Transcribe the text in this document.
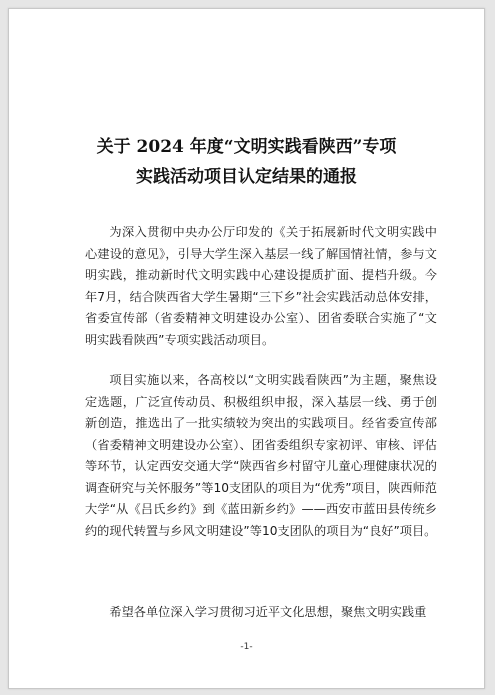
关于 2024 年度“文明实践看陕西”专项
实践活动项目认定结果的通报

为深入贯彻中央办公厅印发的《关于拓展新时代文明实践中心建设的意见》，引导大学生深入基层一线了解国情社情，参与文明实践，推动新时代文明实践中心建设提质扩面、提档升级。今年7月，结合陕西省大学生暑期“三下乡”社会实践活动总体安排，省委宣传部（省委精神文明建设办公室）、团省委联合实施了“文明实践看陕西”专项实践活动项目。

项目实施以来，各高校以“文明实践看陕西”为主题，聚焦设定选题，广泛宣传动员、积极组织申报，深入基层一线、勇于创新创造，推选出了一批实绩较为突出的实践项目。经省委宣传部（省委精神文明建设办公室）、团省委组织专家初评、审核、评估等环节，认定西安交通大学“陕西省乡村留守儿童心理健康状况的调查研究与关怀服务”等10支团队的项目为“优秀”项目，陕西师范大学“从《吕氏乡约》到《蓝田新乡约》——西安市蓝田县传统乡约的现代转置与乡风文明建设”等10支团队的项目为“良好”项目。

希望各单位深入学习贯彻习近平文化思想，聚焦文明实践重

-1-
